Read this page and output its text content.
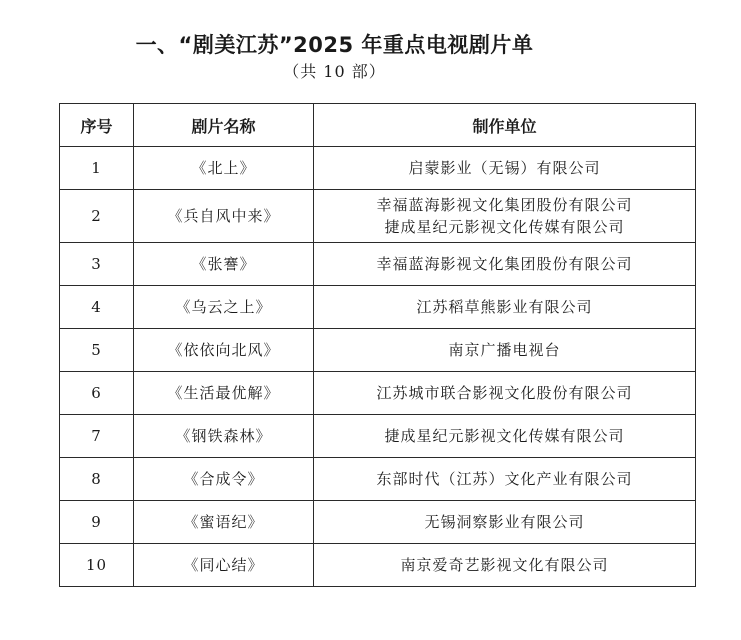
一、“剧美江苏”2025 年重点电视剧片单
（共 10 部）
序号	剧片名称	制作单位
1	《北上》	启蒙影业（无锡）有限公司

2	《兵自风中来》	幸福蓝海影视文化集团股份有限公司
捷成星纪元影视文化传媒有限公司

3	《张謇》	幸福蓝海影视文化集团股份有限公司

4	《乌云之上》	江苏稻草熊影业有限公司

5	《依依向北风》	南京广播电视台

6	《生活最优解》	江苏城市联合影视文化股份有限公司

7	《钢铁森林》	捷成星纪元影视文化传媒有限公司

8	《合成令》	东部时代（江苏）文化产业有限公司

9	《蜜语纪》	无锡洞察影业有限公司

10	《同心结》	南京爱奇艺影视文化有限公司
